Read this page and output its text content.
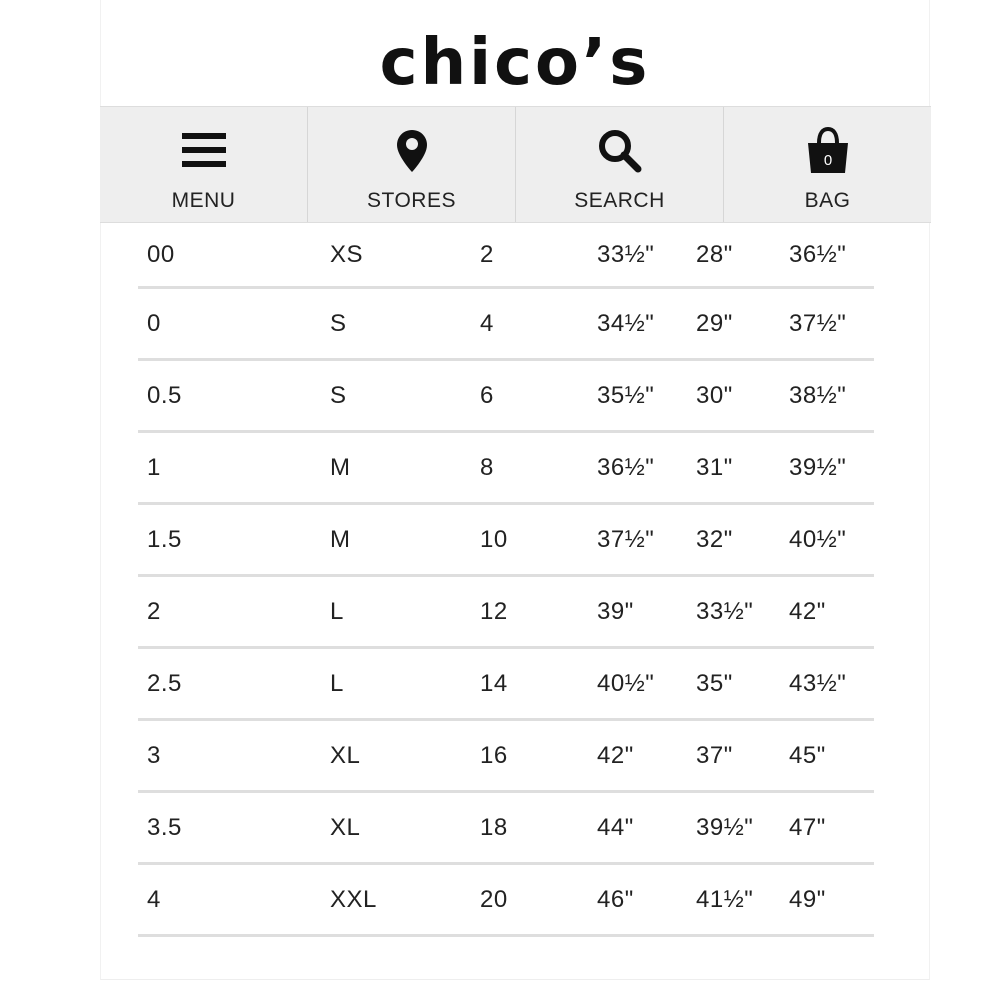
chico’s
MENU	STORES	SEARCH
0
BAG
00	XS	2	33½" 28" 36½"
0	S	4	34½" 29" 37½"
0.5	S	6	35½" 30" 38½"
1	M	8	36½" 31" 39½"
1.5	M	10	37½" 32" 40½"
2	L	12	39"	33½" 42"
2.5	L	14	40½" 35" 43½"
3	XL	16	42"	37" 45"
3.5	XL	18	44"	39½" 47"
4	XXL	20	46"	41½" 49"
